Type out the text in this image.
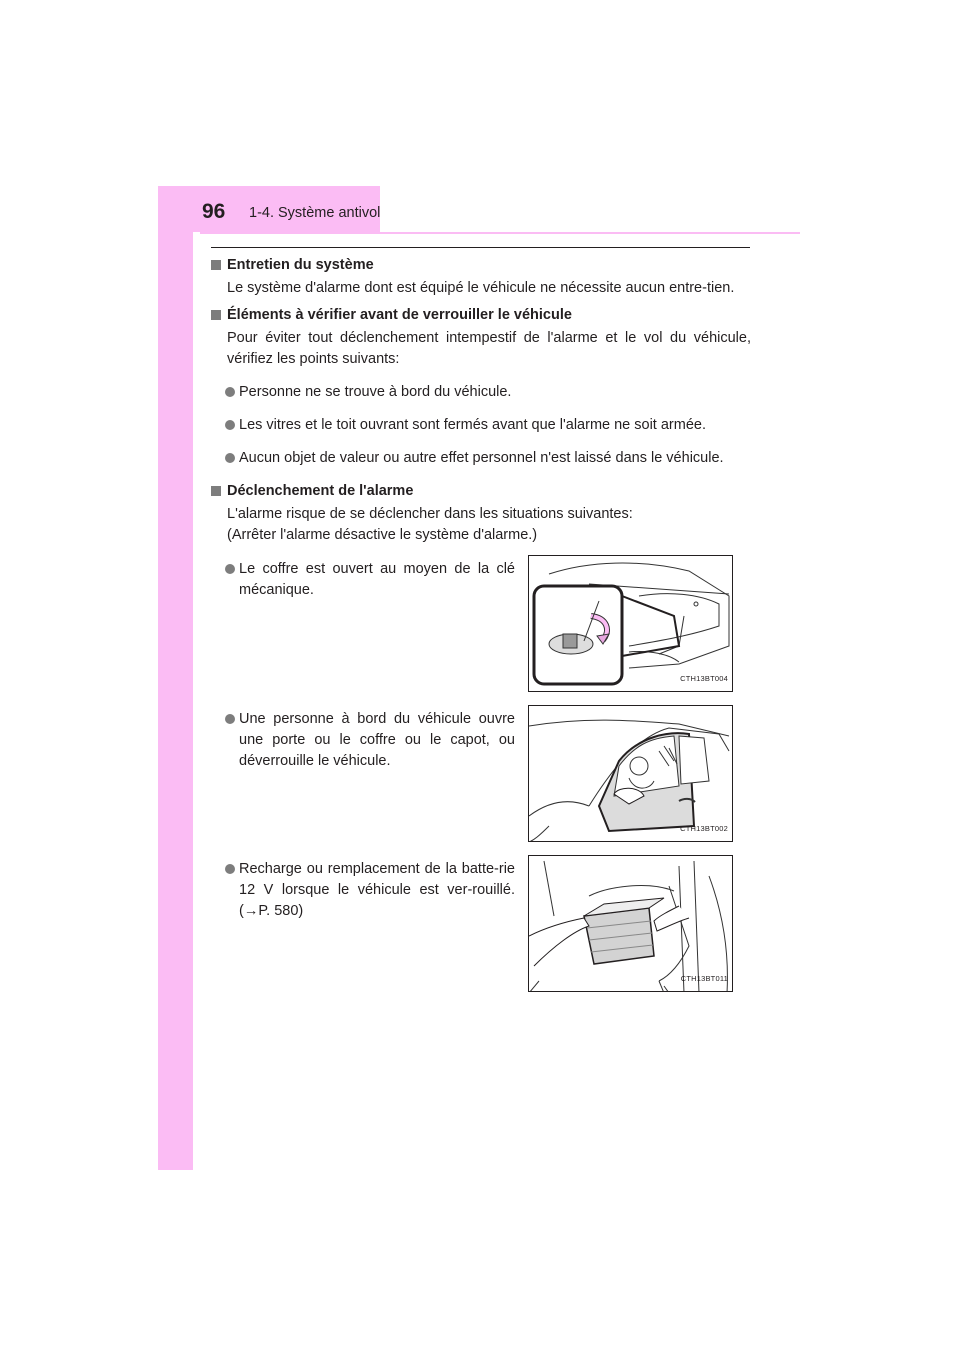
96 1-4. Système antivol
Entretien du système
Le système d'alarme dont est équipé le véhicule ne nécessite aucun entre-tien.
Éléments à vérifier avant de verrouiller le véhicule
Pour éviter tout déclenchement intempestif de l'alarme et le vol du véhicule, vérifiez les points suivants:
Personne ne se trouve à bord du véhicule.
Les vitres et le toit ouvrant sont fermés avant que l'alarme ne soit armée.
Aucun objet de valeur ou autre effet personnel n'est laissé dans le véhicule.
Déclenchement de l'alarme
L'alarme risque de se déclencher dans les situations suivantes:
(Arrêter l'alarme désactive le système d'alarme.)
Le coffre est ouvert au moyen de la clé mécanique.
CTH13BT004
Une personne à bord du véhicule ouvre une porte ou le coffre ou le capot, ou déverrouille le véhicule.
CTH13BT002
Recharge ou remplacement de la batte-rie 12 V lorsque le véhicule est ver-rouillé. (→P. 580)
CTH13BT011
